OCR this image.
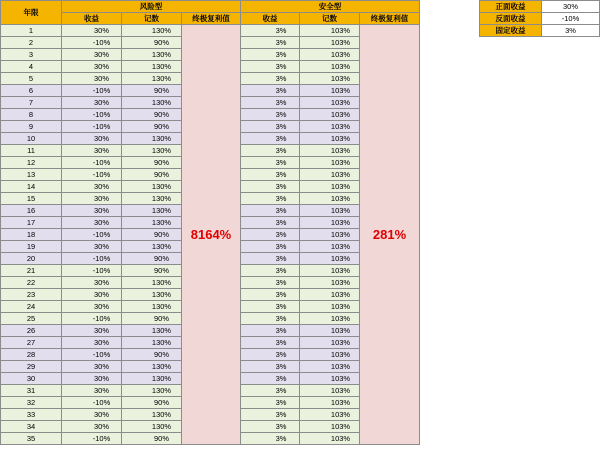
年限	风险型			安全型			
	收益	记数	终极复利值	收益	记数	终极复利值	
1	30%	130%	8164%	3%	103%	281%	
2	-10%	90%		3%	103%		
3	30%	130%		3%	103%		
4	30%	130%		3%	103%		
5	30%	130%		3%	103%		
6	-10%	90%		3%	103%		
7	30%	130%		3%	103%		
8	-10%	90%		3%	103%		
9	-10%	90%		3%	103%		
10	30%	130%		3%	103%		
11	30%	130%		3%	103%		
12	-10%	90%		3%	103%		
13	-10%	90%		3%	103%		
14	30%	130%		3%	103%		
15	30%	130%		3%	103%		
16	30%	130%		3%	103%		
17	30%	130%		3%	103%		
18	-10%	90%		3%	103%		
19	30%	130%		3%	103%		
20	-10%	90%		3%	103%		
21	-10%	90%		3%	103%		
22	30%	130%		3%	103%		
23	30%	130%		3%	103%		
24	30%	130%		3%	103%		
25	-10%	90%		3%	103%		
26	30%	130%		3%	103%		
27	30%	130%		3%	103%		
28	-10%	90%		3%	103%		
29	30%	130%		3%	103%		
30	30%	130%		3%	103%		
31	30%	130%		3%	103%		
32	-10%	90%		3%	103%		
33	30%	130%		3%	103%		
34	30%	130%		3%	103%		
35	-10%	90%		3%	103%		
正面收益	30%
反面收益	-10%
固定收益	3%
